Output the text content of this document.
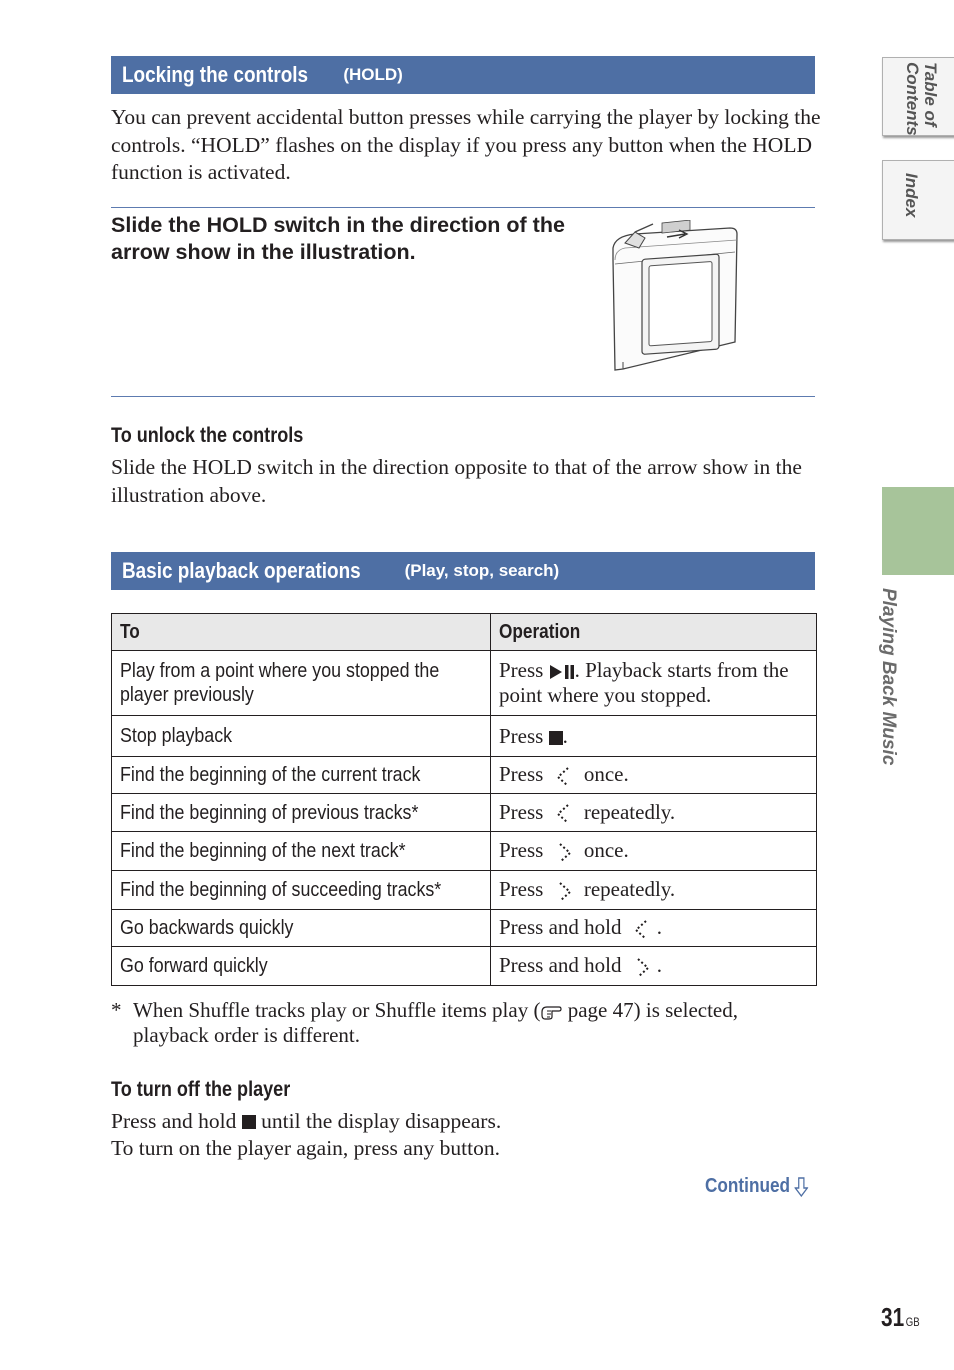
Locking the controls (HOLD)
You can prevent accidental button presses while carrying the player by locking the controls. “HOLD” flashes on the display if you press any button when the HOLD function is activated.
Slide the HOLD switch in the direction of the arrow show in the illustration.
To unlock the controls
Slide the HOLD switch in the direction opposite to that of the arrow show in the illustration above.
Basic playback operations	(Play, stop, search)
To	Operation

Play from a point where you stopped the player previously	Press . Playback starts from the point where you stopped.

Stop playback	Press .

Find the beginning of the current track	Press once.

Find the beginning of previous tracks*	Press repeatedly.

Find the beginning of the next track*	Press once.

Find the beginning of succeeding tracks*	Press repeatedly.

Go backwards quickly	Press and hold .

Go forward quickly	Press and hold .
* When Shuffle tracks play or Shuffle items play ( page 47) is selected, playback order is different.
To turn off the player
Press and hold until the display disappears.
To turn on the player again, press any button.
Continued
31 GB
Table of Contents
Index
Playing Back Music
